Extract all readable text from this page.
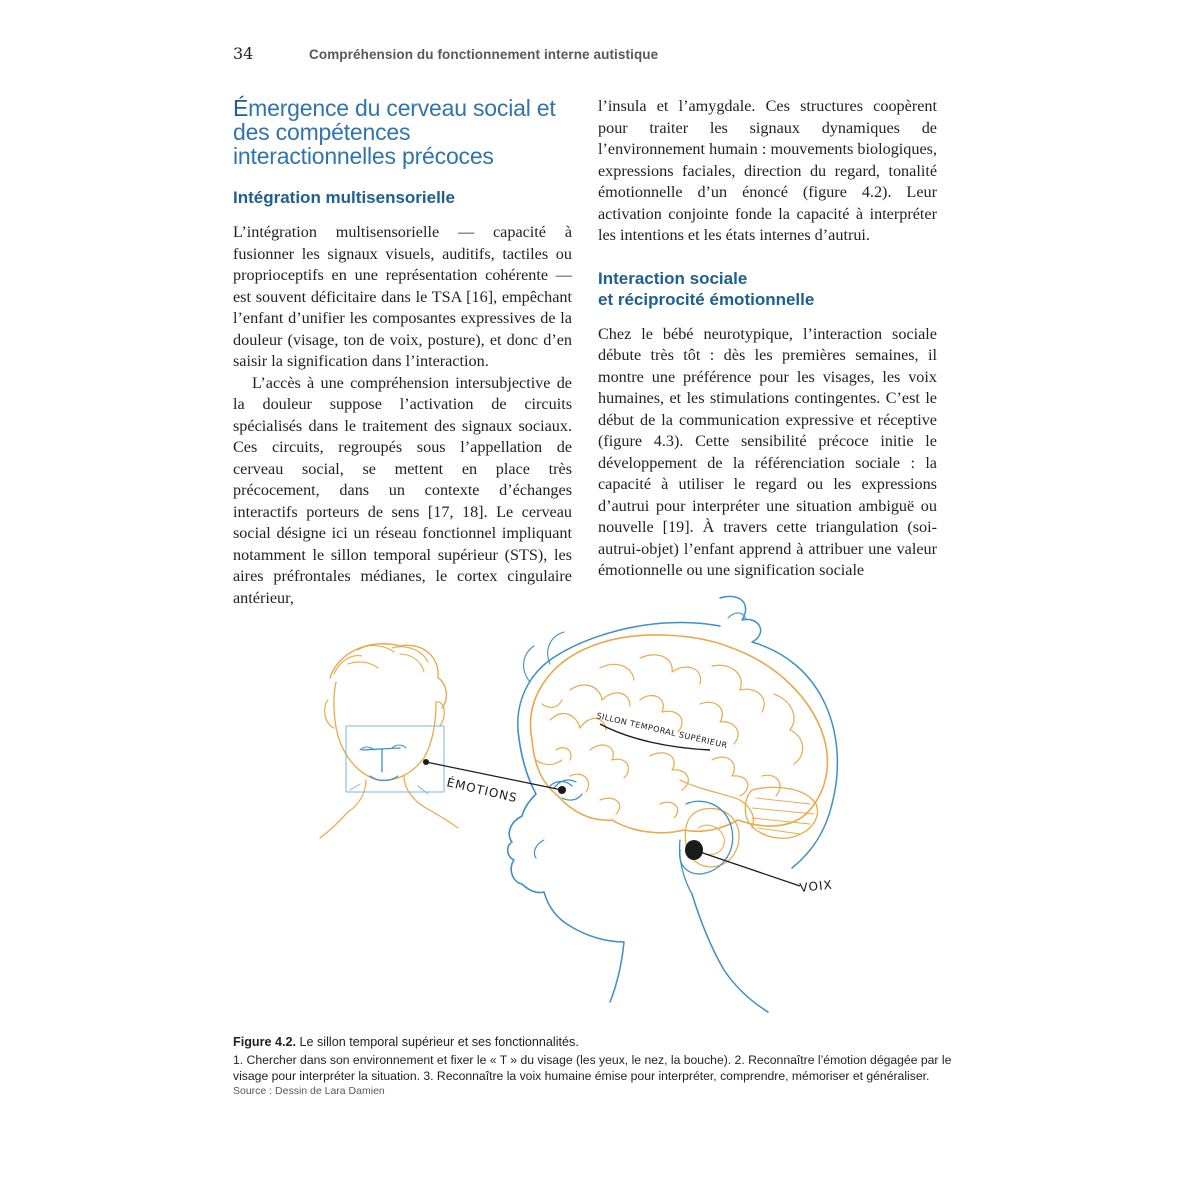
34	Compréhension du fonctionnement interne autistique
Émergence du cerveau social et des compétences interactionnelles précoces
Intégration multisensorielle

L’intégration multisensorielle — capacité à fusionner les signaux visuels, auditifs, tactiles ou proprioceptifs en une représentation cohérente — est souvent déficitaire dans le TSA [16], empêchant l’enfant d’unifier les composantes expressives de la douleur (visage, ton de voix, posture), et donc d’en saisir la signification dans l’interaction.

L’accès à une compréhension intersubjective de la douleur suppose l’activation de circuits spécialisés dans le traitement des signaux sociaux. Ces circuits, regroupés sous l’appellation de cerveau social, se mettent en place très précocement, dans un contexte d’échanges interactifs porteurs de sens [17, 18]. Le cerveau social désigne ici un réseau fonctionnel impliquant notamment le sillon temporal supérieur (STS), les aires préfrontales médianes, le cortex cingulaire antérieur,

l’insula et l’amygdale. Ces structures coopèrent pour traiter les signaux dynamiques de l’environnement humain : mouvements biologiques, expressions faciales, direction du regard, tonalité émotionnelle d’un énoncé (figure 4.2). Leur activation conjointe fonde la capacité à interpréter les intentions et les états internes d’autrui.

Interaction sociale
et réciprocité émotionnelle

Chez le bébé neurotypique, l’interaction sociale débute très tôt : dès les premières semaines, il montre une préférence pour les visages, les voix humaines, et les stimulations contingentes. C’est le début de la communication expressive et réceptive (figure 4.3). Cette sensibilité précoce initie le développement de la référenciation sociale : la capacité à utiliser le regard ou les expressions d’autrui pour interpréter une situation ambiguë ou nouvelle [19]. À travers cette triangulation (soi-autrui-objet) l’enfant apprend à attribuer une valeur émotionnelle ou une signification sociale

SILLON TEMPORAL SUPÉRIEUR
ÉMOTIONS
VOIX

Figure 4.2. Le sillon temporal supérieur et ses fonctionnalités.

1. Chercher dans son environnement et fixer le « T » du visage (les yeux, le nez, la bouche). 2. Reconnaître l’émotion dégagée par le visage pour interpréter la situation. 3. Reconnaître la voix humaine émise pour interpréter, comprendre, mémoriser et généraliser.

Source : Dessin de Lara Damien
